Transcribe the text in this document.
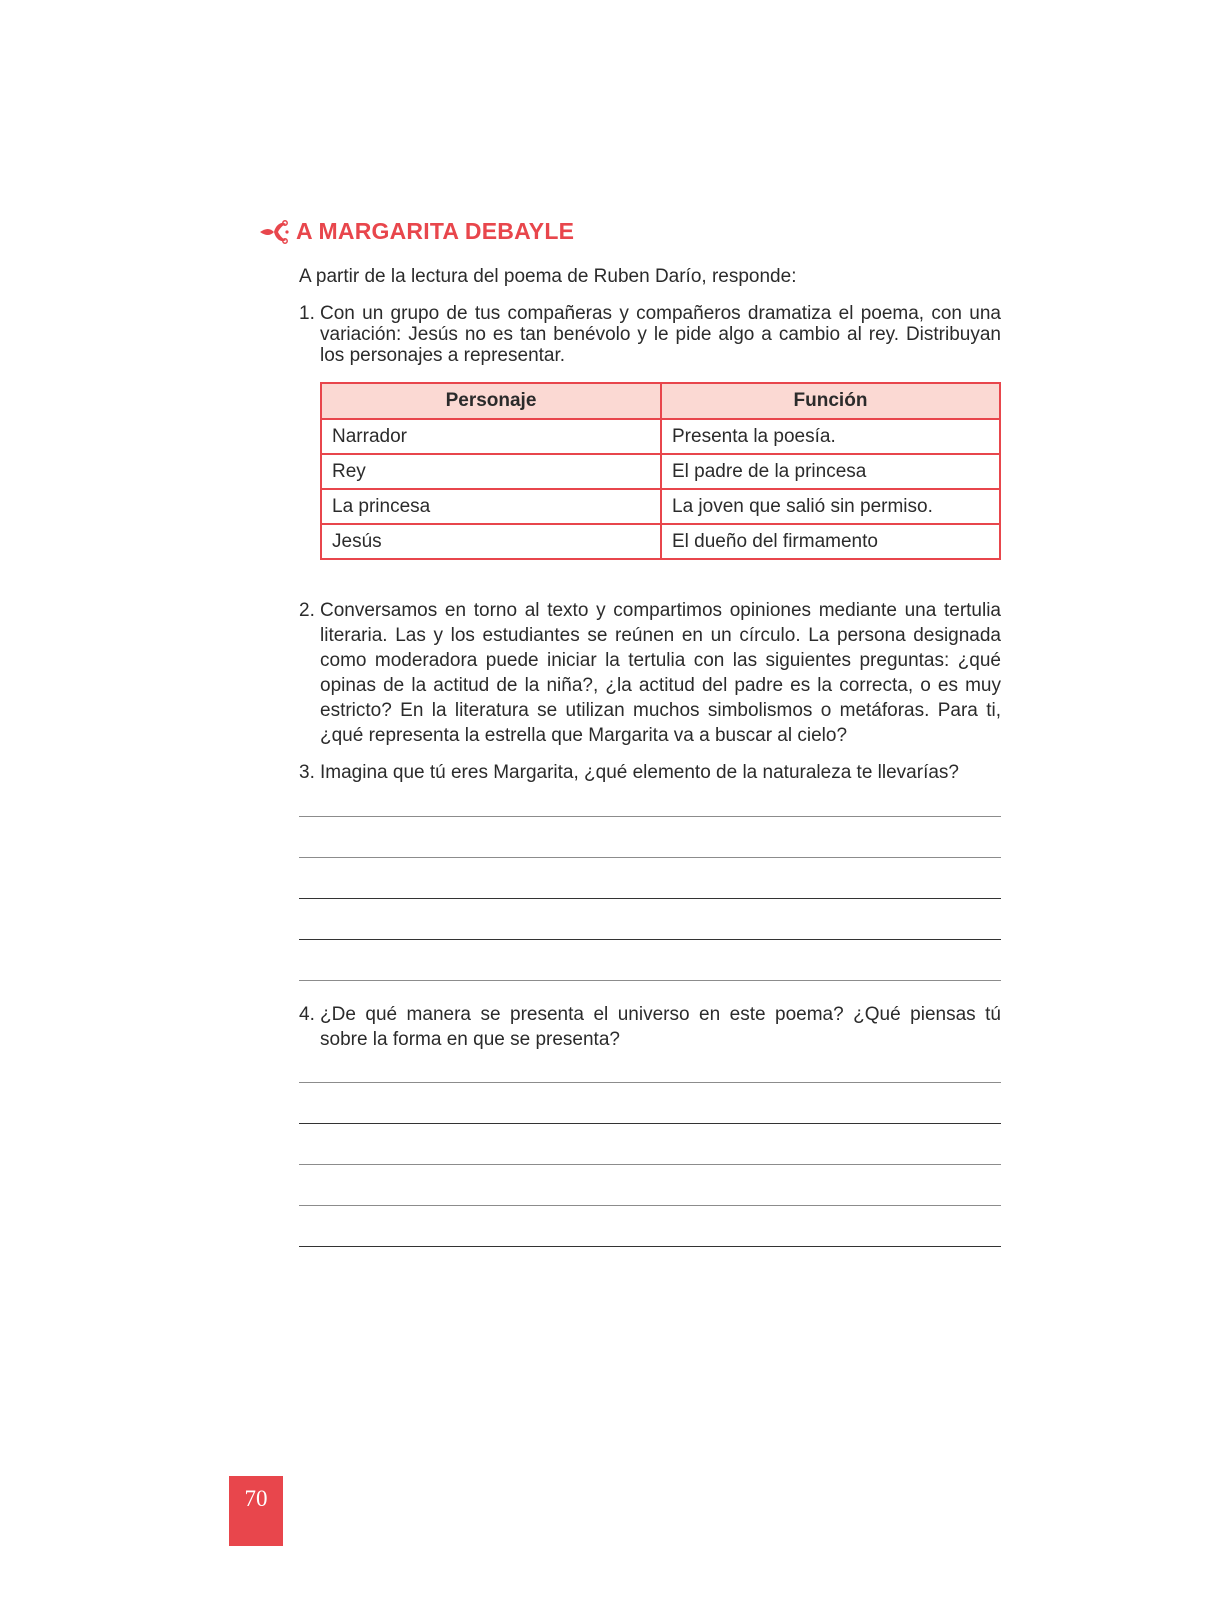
A MARGARITA DEBAYLE
A partir de la lectura del poema de Ruben Darío, responde:
1. Con un grupo de tus compañeras y compañeros dramatiza el poema, con una variación: Jesús no es tan benévolo y le pide algo a cambio al rey. Distribuyan los personajes a representar.
Personaje	Función
Narrador	Presenta la poesía.
Rey	El padre de la princesa
La princesa	La joven que salió sin permiso.
Jesús	El dueño del firmamento
2. Conversamos en torno al texto y compartimos opiniones mediante una tertulia literaria. Las y los estudiantes se reúnen en un círculo. La persona designada como moderadora puede iniciar la tertulia con las siguientes preguntas: ¿qué opinas de la actitud de la niña?, ¿la actitud del padre es la correcta, o es muy estricto? En la literatura se utilizan muchos simbolismos o metáforas. Para ti, ¿qué representa la estrella que Margarita va a buscar al cielo?
3. Imagina que tú eres Margarita, ¿qué elemento de la naturaleza te llevarías?
4. ¿De qué manera se presenta el universo en este poema? ¿Qué piensas tú sobre la forma en que se presenta?
70
